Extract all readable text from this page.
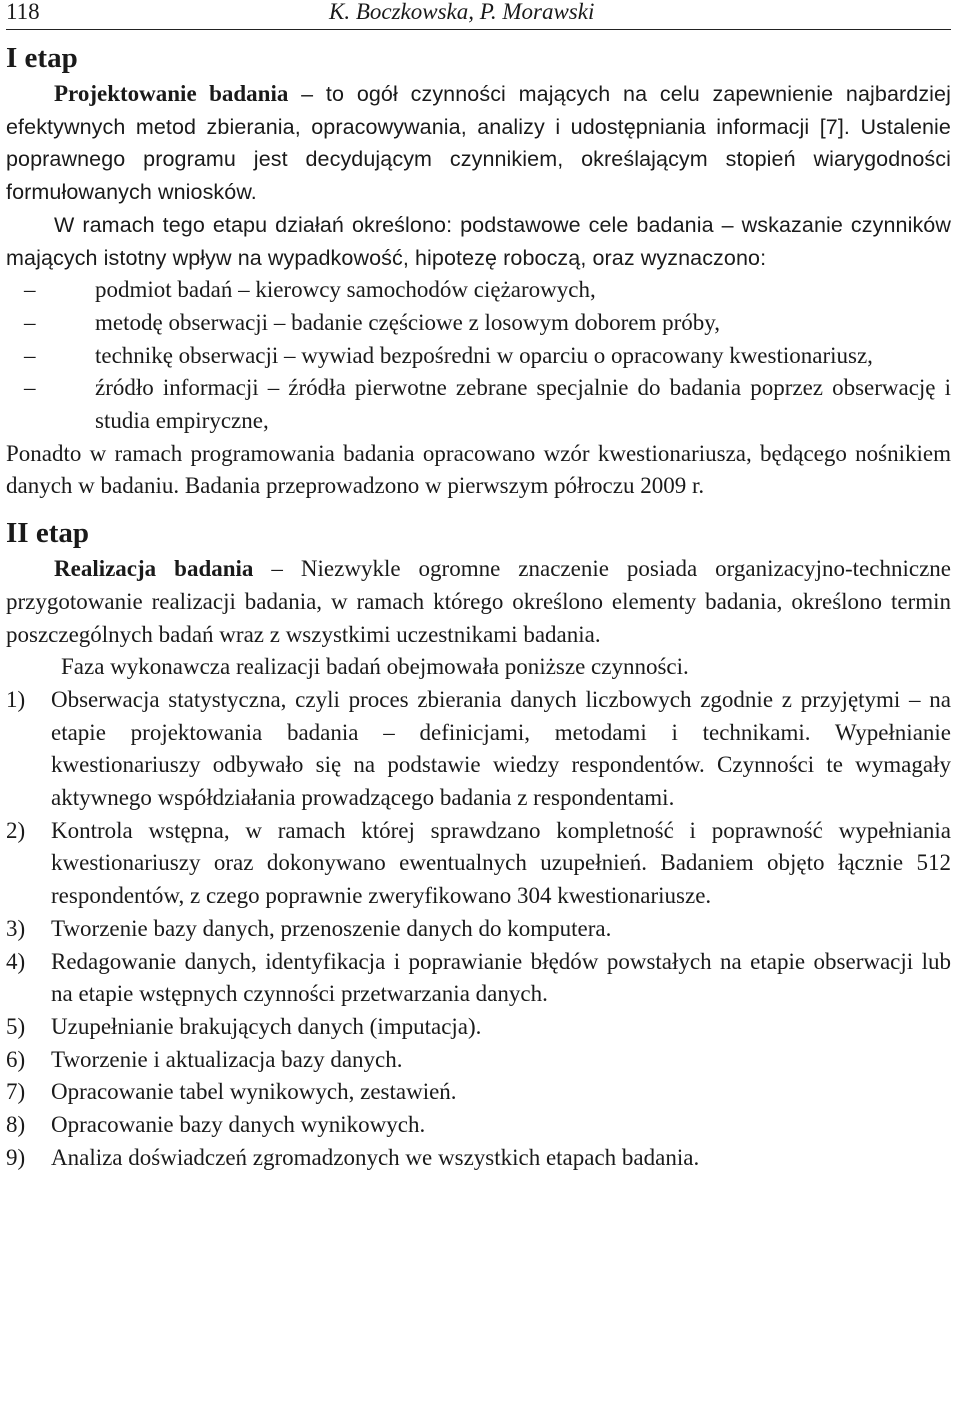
118	K. Boczkowska, P. Morawski
I etap

Projektowanie badania – to ogół czynności mających na celu zapewnienie najbardziej efektywnych metod zbierania, opracowywania, analizy i udostępniania informacji [7]. Ustalenie poprawnego programu jest decydującym czynnikiem, określającym stopień wiarygodności formułowanych wniosków.

W ramach tego etapu działań określono: podstawowe cele badania – wskazanie czynników mających istotny wpływ na wypadkowość, hipotezę roboczą, oraz wyznaczono:

–	podmiot badań – kierowcy samochodów ciężarowych,
–	metodę obserwacji – badanie częściowe z losowym doborem próby,
–	technikę obserwacji – wywiad bezpośredni w oparciu o opracowany kwestionariusz,
–	źródło informacji – źródła pierwotne zebrane specjalnie do badania poprzez obserwację i studia empiryczne,

Ponadto w ramach programowania badania opracowano wzór kwestionariusza, będącego nośnikiem danych w badaniu. Badania przeprowadzono w pierwszym półroczu 2009 r.

II etap

Realizacja badania – Niezwykle ogromne znaczenie posiada organizacyjno-techniczne przygotowanie realizacji badania, w ramach którego określono elementy badania, określono termin poszczególnych badań wraz z wszystkimi uczestnikami badania.

Faza wykonawcza realizacji badań obejmowała poniższe czynności.

1) Obserwacja statystyczna, czyli proces zbierania danych liczbowych zgodnie z przyjętymi – na etapie projektowania badania – definicjami, metodami i technikami. Wypełnianie kwestionariuszy odbywało się na podstawie wiedzy respondentów. Czynności te wymagały aktywnego współdziałania prowadzącego badania z respondentami.
2) Kontrola wstępna, w ramach której sprawdzano kompletność i poprawność wypełniania kwestionariuszy oraz dokonywano ewentualnych uzupełnień. Badaniem objęto łącznie 512 respondentów, z czego poprawnie zweryfikowano 304 kwestionariusze.
3) Tworzenie bazy danych, przenoszenie danych do komputera.
4) Redagowanie danych, identyfikacja i poprawianie błędów powstałych na etapie obserwacji lub na etapie wstępnych czynności przetwarzania danych.
5) Uzupełnianie brakujących danych (imputacja).
6) Tworzenie i aktualizacja bazy danych.
7) Opracowanie tabel wynikowych, zestawień.
8) Opracowanie bazy danych wynikowych.
9) Analiza doświadczeń zgromadzonych we wszystkich etapach badania.
